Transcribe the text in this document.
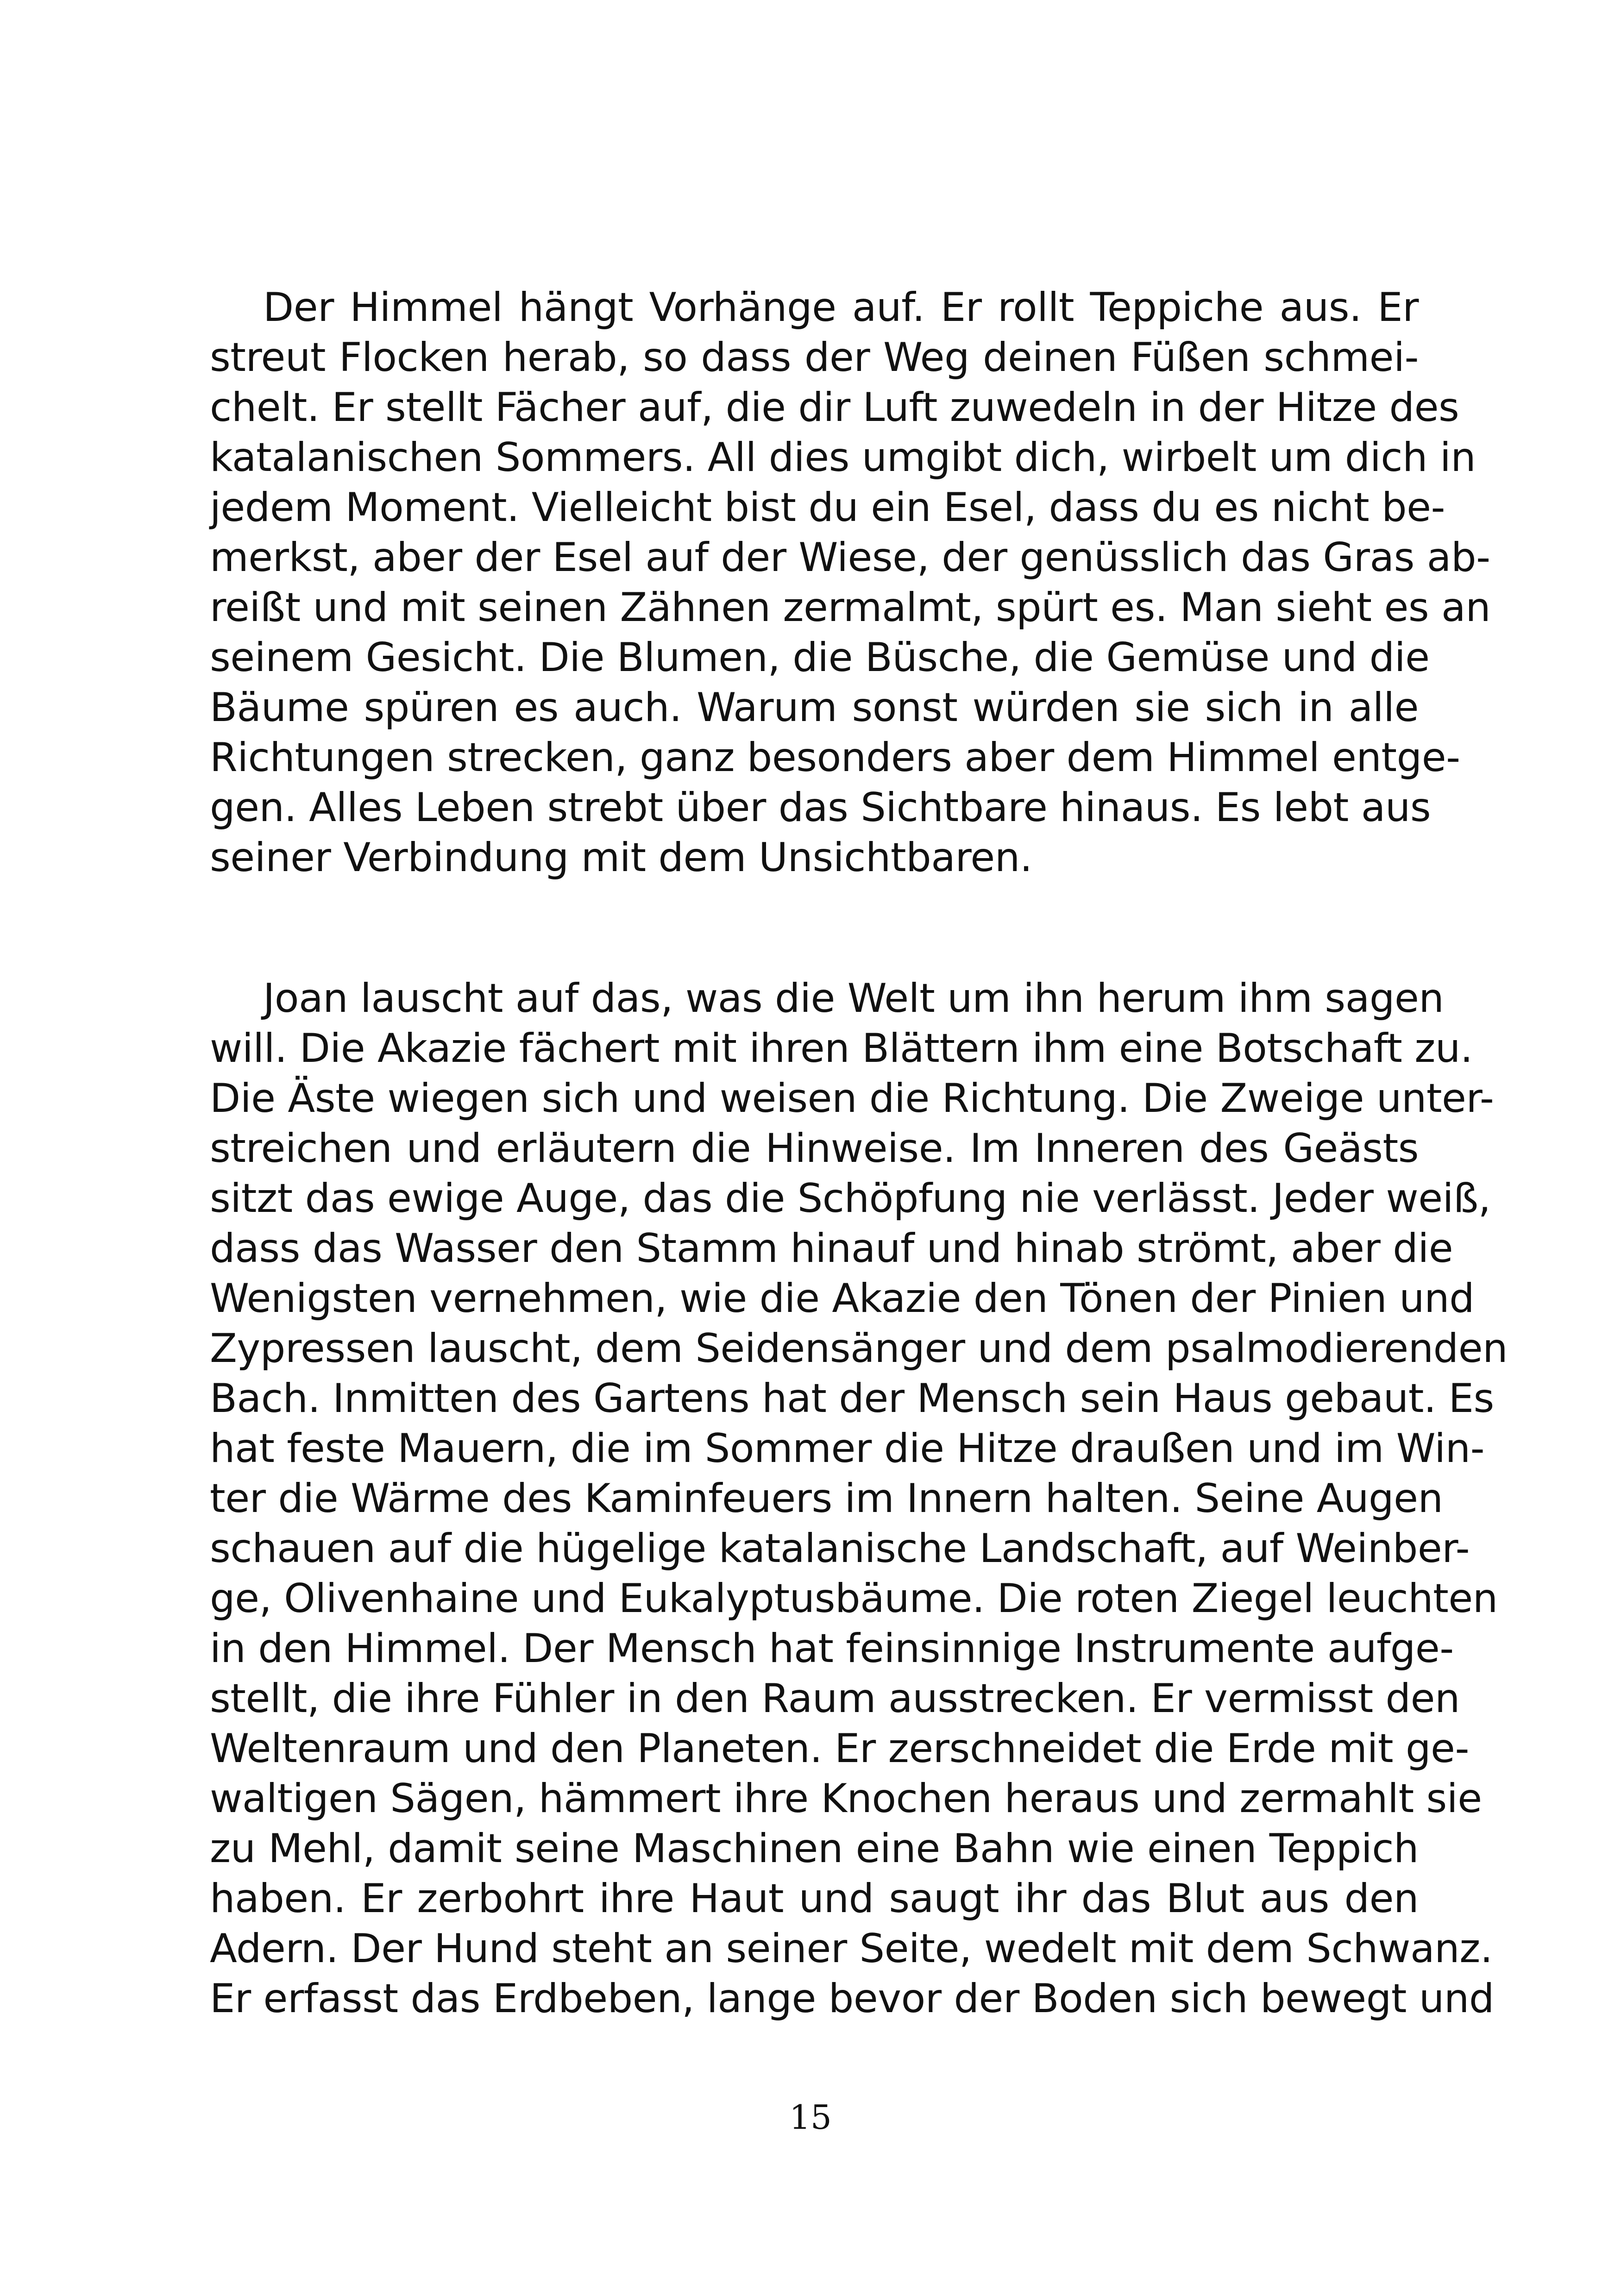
Der Himmel hängt Vorhänge auf. Er rollt Teppiche aus. Er
streut Flocken herab, so dass der Weg deinen Füßen schmei-
chelt. Er stellt Fächer auf, die dir Luft zuwedeln in der Hitze des
katalanischen Sommers. All dies umgibt dich, wirbelt um dich in
jedem Moment. Vielleicht bist du ein Esel, dass du es nicht be-
merkst, aber der Esel auf der Wiese, der genüsslich das Gras ab-
reißt und mit seinen Zähnen zermalmt, spürt es. Man sieht es an
seinem Gesicht. Die Blumen, die Büsche, die Gemüse und die
Bäume spüren es auch. Warum sonst würden sie sich in alle
Richtungen strecken, ganz besonders aber dem Himmel entge-
gen. Alles Leben strebt über das Sichtbare hinaus. Es lebt aus
seiner Verbindung mit dem Unsichtbaren.
Joan lauscht auf das, was die Welt um ihn herum ihm sagen
will. Die Akazie fächert mit ihren Blättern ihm eine Botschaft zu.
Die Äste wiegen sich und weisen die Richtung. Die Zweige unter-
streichen und erläutern die Hinweise. Im Inneren des Geästs
sitzt das ewige Auge, das die Schöpfung nie verlässt. Jeder weiß,
dass das Wasser den Stamm hinauf und hinab strömt, aber die
Wenigsten vernehmen, wie die Akazie den Tönen der Pinien und
Zypressen lauscht, dem Seidensänger und dem psalmodierenden
Bach. Inmitten des Gartens hat der Mensch sein Haus gebaut. Es
hat feste Mauern, die im Sommer die Hitze draußen und im Win-
ter die Wärme des Kaminfeuers im Innern halten. Seine Augen
schauen auf die hügelige katalanische Landschaft, auf Weinber-
ge, Olivenhaine und Eukalyptusbäume. Die roten Ziegel leuchten
in den Himmel. Der Mensch hat feinsinnige Instrumente aufge-
stellt, die ihre Fühler in den Raum ausstrecken. Er vermisst den
Weltenraum und den Planeten. Er zerschneidet die Erde mit ge-
waltigen Sägen, hämmert ihre Knochen heraus und zermahlt sie
zu Mehl, damit seine Maschinen eine Bahn wie einen Teppich
haben. Er zerbohrt ihre Haut und saugt ihr das Blut aus den
Adern. Der Hund steht an seiner Seite, wedelt mit dem Schwanz.
Er erfasst das Erdbeben, lange bevor der Boden sich bewegt und
15
